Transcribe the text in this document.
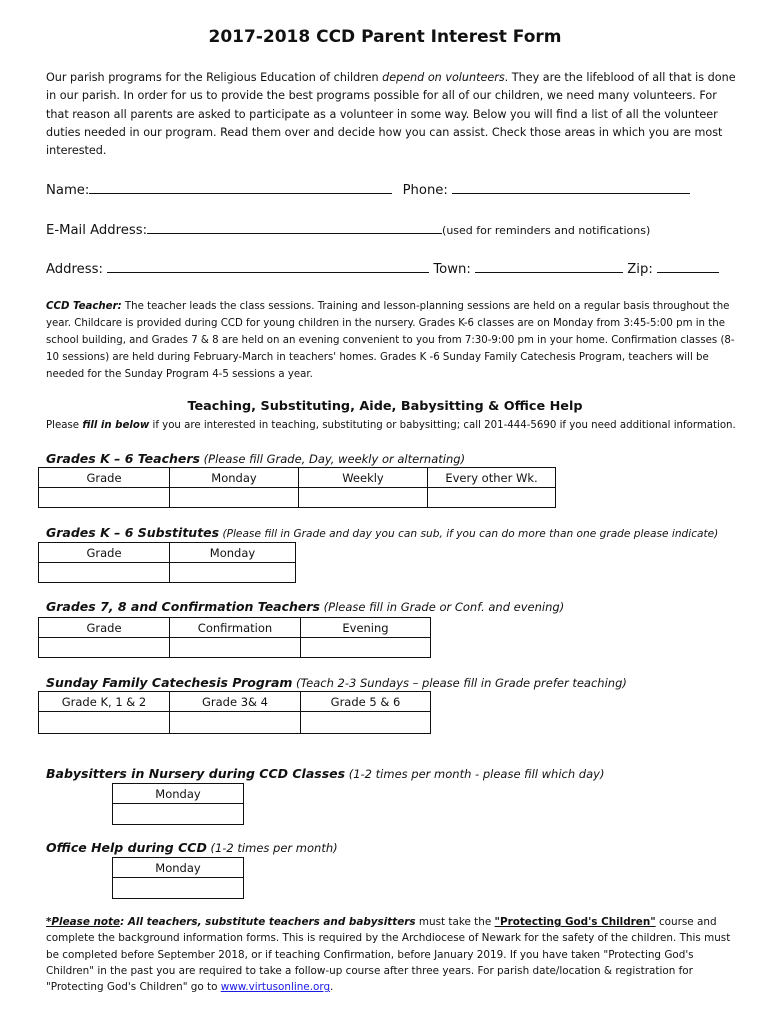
2017-2018 CCD Parent Interest Form
Our parish programs for the Religious Education of children depend on volunteers. They are the lifeblood of all that is done in our parish. In order for us to provide the best programs possible for all of our children, we need many volunteers. For that reason all parents are asked to participate as a volunteer in some way. Below you will find a list of all the volunteer duties needed in our program. Read them over and decide how you can assist. Check those areas in which you are most interested.
Name:	Phone:
E-Mail Address:	(used for reminders and notifications)
Address:	Town:	Zip:
CCD Teacher: The teacher leads the class sessions. Training and lesson-planning sessions are held on a regular basis throughout the year. Childcare is provided during CCD for young children in the nursery. Grades K-6 classes are on Monday from 3:45-5:00 pm in the school building, and Grades 7 & 8 are held on an evening convenient to you from 7:30-9:00 pm in your home. Confirmation classes (8-10 sessions) are held during February-March in teachers' homes. Grades K -6 Sunday Family Catechesis Program, teachers will be needed for the Sunday Program 4-5 sessions a year.
Teaching, Substituting, Aide, Babysitting & Office Help
Please fill in below if you are interested in teaching, substituting or babysitting; call 201-444-5690 if you need additional information.
Grades K – 6 Teachers (Please fill Grade, Day, weekly or alternating)
Grade	Monday	Weekly	Every other Wk.

Grades K – 6 Substitutes (Please fill in Grade and day you can sub, if you can do more than one grade please indicate)
Grade	Monday

Grades 7, 8 and Confirmation Teachers (Please fill in Grade or Conf. and evening)
Grade	Confirmation	Evening

Sunday Family Catechesis Program (Teach 2-3 Sundays – please fill in Grade prefer teaching)
Grade K, 1 & 2	Grade 3& 4	Grade 5 & 6

Babysitters in Nursery during CCD Classes (1-2 times per month - please fill which day)
Monday

Office Help during CCD (1-2 times per month)
Monday

*Please note: All teachers, substitute teachers and babysitters must take the "Protecting God's Children" course and complete the background information forms. This is required by the Archdiocese of Newark for the safety of the children. This must be completed before September 2018, or if teaching Confirmation, before January 2019. If you have taken "Protecting God's Children" in the past you are required to take a follow-up course after three years. For parish date/location & registration for "Protecting God's Children" go to www.virtusonline.org.
